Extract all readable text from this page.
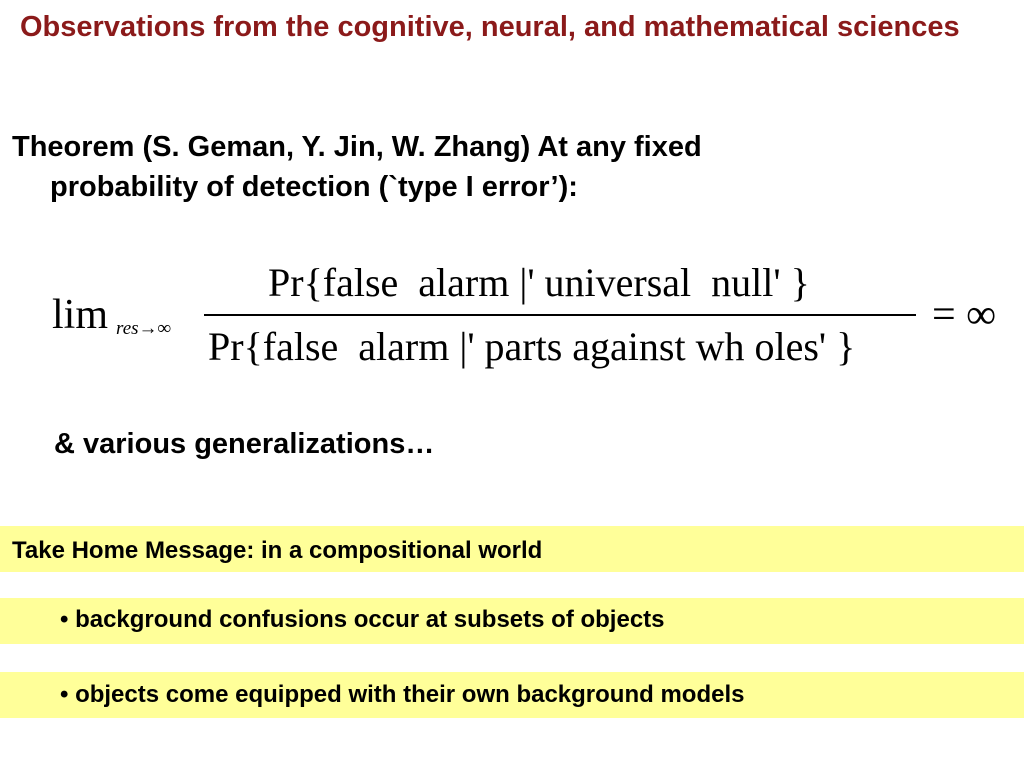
Observations from the cognitive, neural, and mathematical sciences
Theorem (S. Geman, Y. Jin, W. Zhang) At any fixed
probability of detection (`type I error’):
lim res→∞
Pr{false  alarm |' universal  null' }
Pr{false  alarm |' parts against wh oles' }
= ∞
& various generalizations…
Take Home Message: in a compositional world
• background confusions occur at subsets of objects
• objects come equipped with their own background models
